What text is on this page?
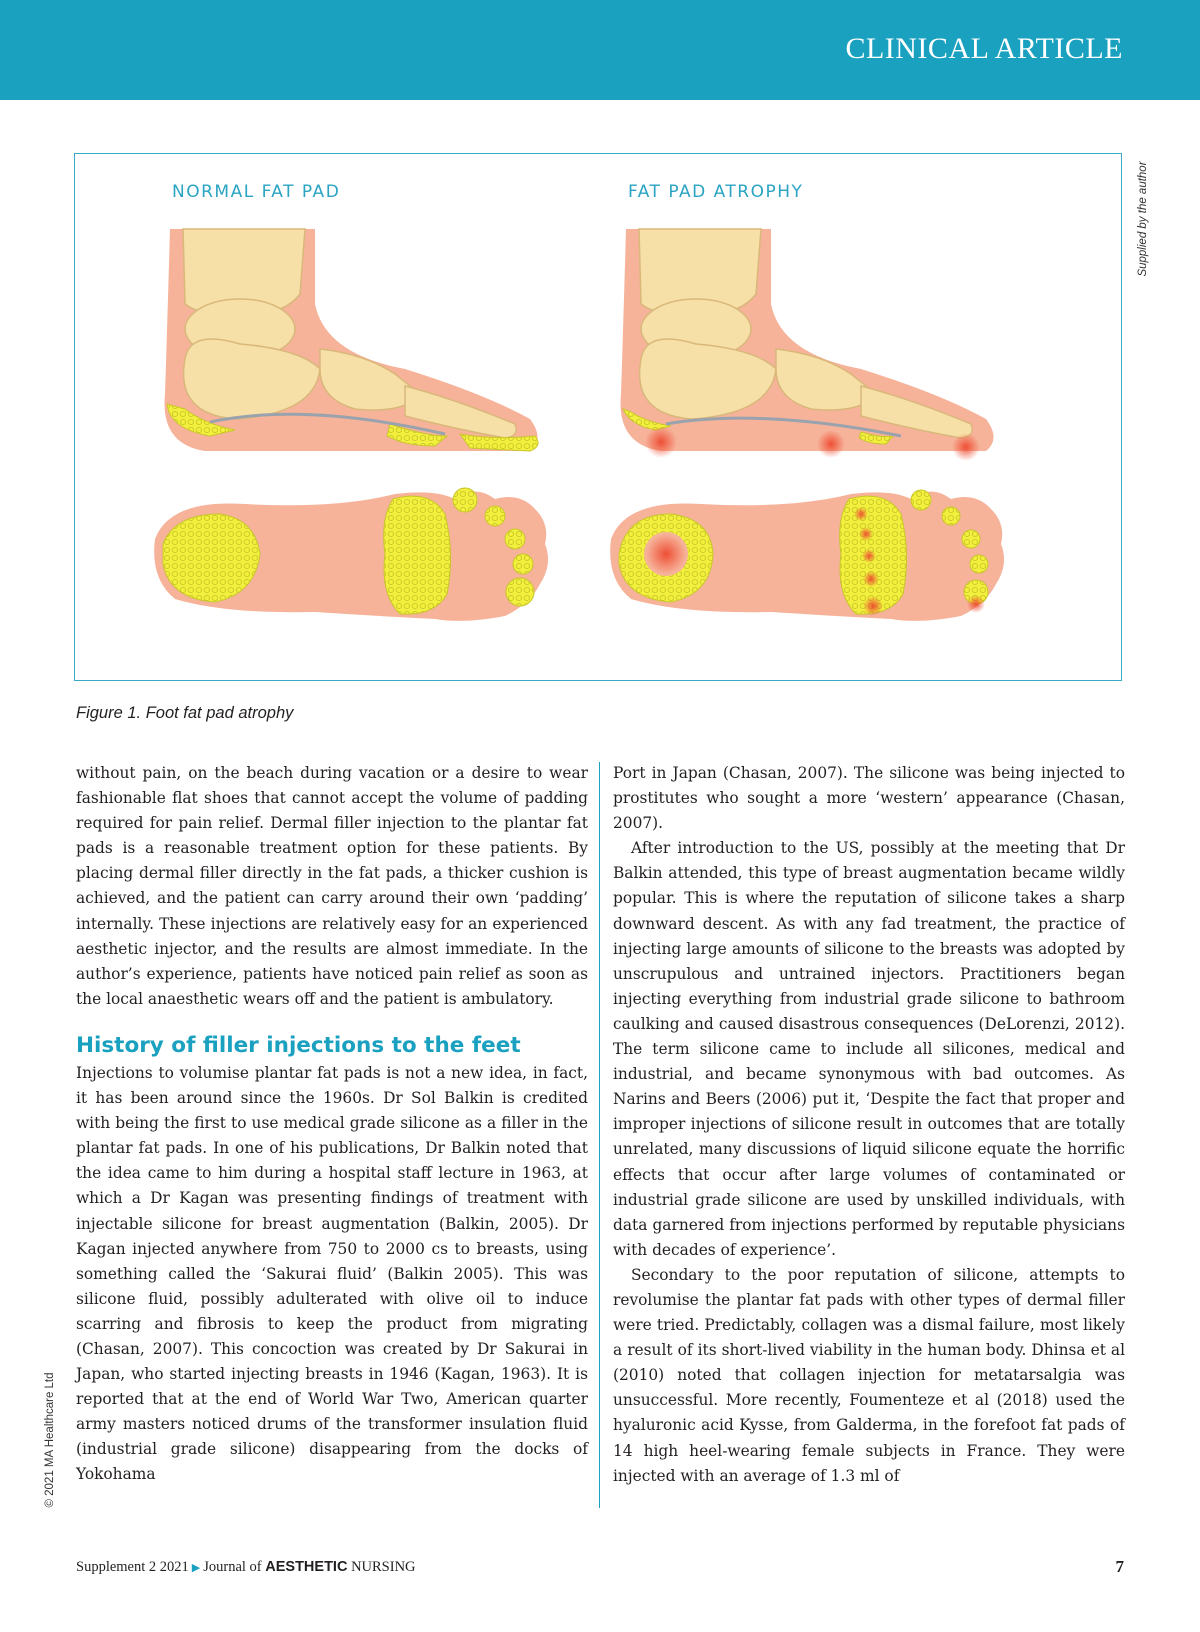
CLINICAL ARTICLE
NORMAL FAT PAD	FAT PAD ATROPHY	Supplied by the author
Figure 1. Foot fat pad atrophy

without pain, on the beach during vacation or a desire to wear fashionable flat shoes that cannot accept the volume of padding required for pain relief. Dermal filler injection to the plantar fat pads is a reasonable treatment option for these patients. By placing dermal filler directly in the fat pads, a thicker cushion is achieved, and the patient can carry around their own ‘padding’ internally. These injections are relatively easy for an experienced aesthetic injector, and the results are almost immediate. In the author’s experience, patients have noticed pain relief as soon as the local anaesthetic wears off and the patient is ambulatory.

History of filler injections to the feet

Injections to volumise plantar fat pads is not a new idea, in fact, it has been around since the 1960s. Dr Sol Balkin is credited with being the first to use medical grade silicone as a filler in the plantar fat pads. In one of his publications, Dr Balkin noted that the idea came to him during a hospital staff lecture in 1963, at which a Dr Kagan was presenting findings of treatment with injectable silicone for breast augmentation (Balkin, 2005). Dr Kagan injected anywhere from 750 to 2000 cs to breasts, using something called the ‘Sakurai fluid’ (Balkin 2005). This was silicone fluid, possibly adulterated with olive oil to induce scarring and fibrosis to keep the product from migrating (Chasan, 2007). This concoction was created by Dr Sakurai in Japan, who started injecting breasts in 1946 (Kagan, 1963). It is reported that at the end of World War Two, American quarter army masters noticed drums of the transformer insulation fluid (industrial grade silicone) disappearing from the docks of Yokohama

Port in Japan (Chasan, 2007). The silicone was being injected to prostitutes who sought a more ‘western’ appearance (Chasan, 2007).

After introduction to the US, possibly at the meeting that Dr Balkin attended, this type of breast augmentation became wildly popular. This is where the reputation of silicone takes a sharp downward descent. As with any fad treatment, the practice of injecting large amounts of silicone to the breasts was adopted by unscrupulous and untrained injectors. Practitioners began injecting everything from industrial grade silicone to bathroom caulking and caused disastrous consequences (DeLorenzi, 2012). The term silicone came to include all silicones, medical and industrial, and became synonymous with bad outcomes. As Narins and Beers (2006) put it, ‘Despite the fact that proper and improper injections of silicone result in outcomes that are totally unrelated, many discussions of liquid silicone equate the horrific effects that occur after large volumes of contaminated or industrial grade silicone are used by unskilled individuals, with data garnered from injections performed by reputable physicians with decades of experience’.

Secondary to the poor reputation of silicone, attempts to revolumise the plantar fat pads with other types of dermal filler were tried. Predictably, collagen was a dismal failure, most likely a result of its short-lived viability in the human body. Dhinsa et al (2010) noted that collagen injection for metatarsalgia was unsuccessful. More recently, Foumenteze et al (2018) used the hyaluronic acid Kysse, from Galderma, in the forefoot fat pads of 14 high heel-wearing female subjects in France. They were injected with an average of 1.3 ml of

© 2021 MA Healthcare Ltd
Supplement 2 2021 ▶ Journal of AESTHETIC NURSING	7
